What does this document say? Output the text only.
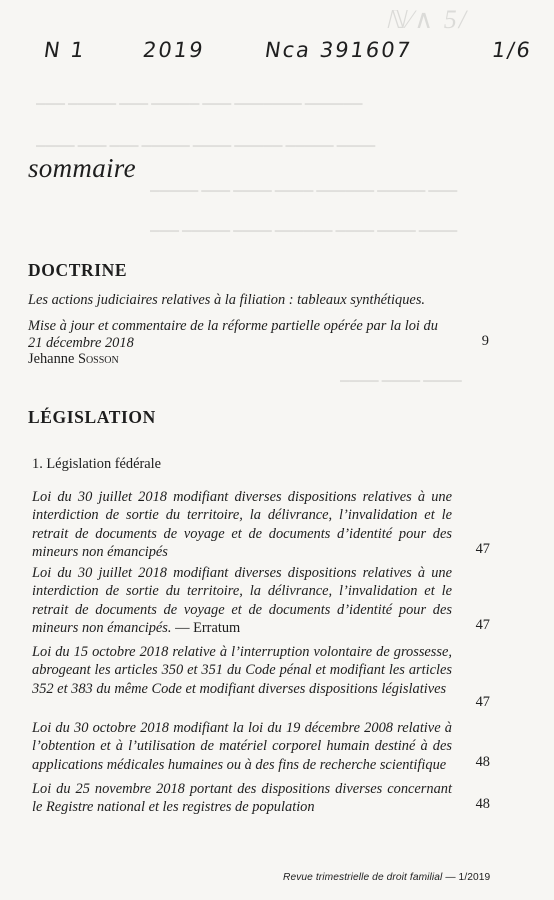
ℕ⁄∧ 5/
▁▁▁ ▁▁▁▁▁ ▁▁▁ ▁▁▁▁▁ ▁▁▁ ▁▁▁▁▁▁▁ ▁▁▁▁▁▁
▁▁▁▁ ▁▁▁ ▁▁▁ ▁▁▁▁▁ ▁▁▁▁ ▁▁▁▁▁ ▁▁▁▁▁ ▁▁▁▁
▁▁▁▁▁ ▁▁▁ ▁▁▁▁ ▁▁▁▁ ▁▁▁▁▁▁ ▁▁▁▁▁ ▁▁▁
▁▁▁ ▁▁▁▁▁ ▁▁▁▁ ▁▁▁▁▁▁ ▁▁▁▁ ▁▁▁▁ ▁▁▁▁
▁▁▁▁ ▁▁▁▁ ▁▁▁▁
N 1	2019	Nca 391607	1/6
sommaire
DOCTRINE
Les actions judiciaires relatives à la filiation : tableaux synthétiques.
Mise à jour et commentaire de la réforme partielle opérée par la loi du
21 décembre 2018	9
Jehanne Sosson
LÉGISLATION
1. Législation fédérale
Loi du 30 juillet 2018 modifiant diverses dispositions relatives à une interdiction de sortie du territoire, la délivrance, l’invalidation et le retrait de documents de voyage et de documents d’identité pour des mineurs non émancipés	47
Loi du 30 juillet 2018 modifiant diverses dispositions relatives à une interdiction de sortie du territoire, la délivrance, l’invalidation et le retrait de documents de voyage et de documents d’identité pour des mineurs non émancipés. — Erratum	47
Loi du 15 octobre 2018 relative à l’interruption volontaire de grossesse, abrogeant les articles 350 et 351 du Code pénal et modifiant les articles 352 et 383 du même Code et modifiant diverses dispositions législatives
47
Loi du 30 octobre 2018 modifiant la loi du 19 décembre 2008 relative à l’obtention et à l’utilisation de matériel corporel humain destiné à des applications médicales humaines ou à des fins de recherche scientifique	48
Loi du 25 novembre 2018 portant des dispositions diverses concernant le Registre national et les registres de population	48
Revue trimestrielle de droit familial — 1/2019
